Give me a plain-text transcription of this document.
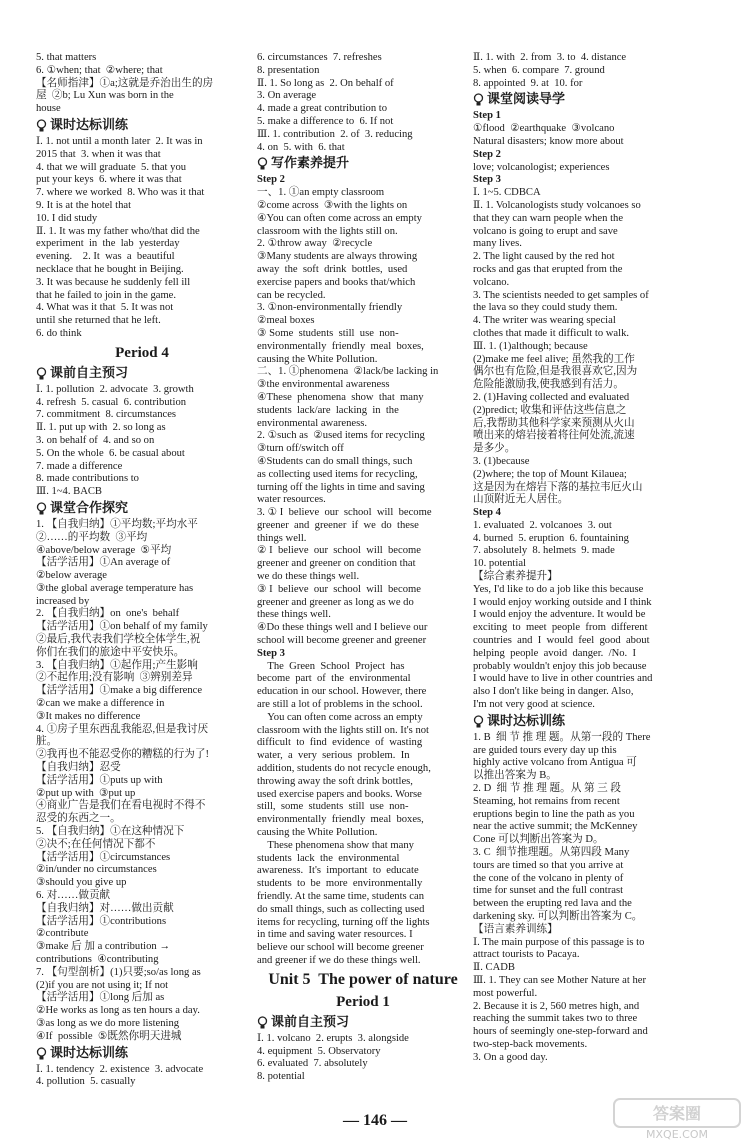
5. that matters
6. ①when; that  ②where; that
【名师指津】①a;这就是乔治出生的房
屋  ②b; Lu Xun was born in the
house
课时达标训练
Ⅰ. 1. not until a month later  2. It was in
2015 that  3. when it was that
4. that we will graduate  5. that you
put your keys  6. where it was that
7. where we worked  8. Who was it that
9. It is at the hotel that
10. I did study
Ⅱ. 1. It was my father who/that did the
experiment  in  the  lab  yesterday
evening.    2. It  was  a  beautiful
necklace that he bought in Beijing.
3. It was because he suddenly fell ill
that he failed to join in the game.
4. What was it that  5. It was not
until she returned that he left.
6. do think
Period 4
课前自主预习
Ⅰ. 1. pollution  2. advocate  3. growth
4. refresh  5. casual  6. contribution
7. commitment  8. circumstances
Ⅱ. 1. put up with  2. so long as
3. on behalf of  4. and so on
5. On the whole  6. be casual about
7. made a difference
8. made contributions to
Ⅲ. 1~4. BACB
课堂合作探究
1. 【自我归纳】①平均数;平均水平
②……的平均数  ③平均
④above/below average  ⑤平均
【活学活用】①An average of
②below average
③the global average temperature has
increased by
2. 【自我归纳】on  one's  behalf
【活学活用】①on behalf of my family
②最后,我代表我们学校全体学生,祝
你们在我们的旅途中平安快乐。
3. 【自我归纳】①起作用;产生影响
②不起作用;没有影响  ③辨别差异
【活学活用】①make a big difference
②can we make a difference in
③It makes no difference
4. ①房子里东西乱我能忍,但是我讨厌
脏。
②我再也不能忍受你的糟糕的行为了!
【自我归纳】忍受
【活学活用】①puts up with
②put up with  ③put up
④商业广告是我们在看电视时不得不
忍受的东西之一。
5. 【自我归纳】①在这种情况下
②决不;在任何情况下都不
【活学活用】①circumstances
②in/under no circumstances
③should you give up
6. 对……做贡献
【自我归纳】对……做出贡献
【活学活用】①contributions
②contribute
③make 后 加 a contribution →
contributions  ④contributing
7. 【句型剖析】(1)只要;so/as long as
(2)if you are not using it; If not
【活学活用】①long 后加 as
②He works as long as ten hours a day.
③as long as we do more listening
④If  possible  ⑤既然你明天进城
课时达标训练
Ⅰ. 1. tendency  2. existence  3. advocate
4. pollution  5. casually
6. circumstances  7. refreshes
8. presentation
Ⅱ. 1. So long as  2. On behalf of
3. On average
4. made a great contribution to
5. make a difference to  6. If not
Ⅲ. 1. contribution  2. of  3. reducing
4. on  5. with  6. that
写作素养提升
Step 2
一、1. ①an empty classroom
②come across  ③with the lights on
④You can often come across an empty
classroom with the lights still on.
2. ①throw away  ②recycle
③Many students are always throwing
away  the  soft  drink  bottles,  used
exercise papers and books that/which
can be recycled.
3. ①non-environmentally friendly
②meal boxes
③ Some  students  still  use  non-
environmentally  friendly  meal  boxes,
causing the White Pollution.
二、1. ①phenomena  ②lack/be lacking in
③the environmental awareness
④These  phenomena  show  that  many
students  lack/are  lacking  in  the
environmental awareness.
2. ①such as  ②used items for recycling
③turn off/switch off
④Students can do small things, such
as collecting used items for recycling,
turning off the lights in time and saving
water resources.
3. ① I  believe  our  school  will  become
greener  and  greener  if  we  do  these
things well.
② I  believe  our  school  will  become
greener and greener on condition that
we do these things well.
③ I  believe  our  school  will  become
greener and greener as long as we do
these things well.
④Do these things well and I believe our
school will become greener and greener
Step 3
The  Green  School  Project  has
become  part  of  the  environmental
education in our school. However, there
are still a lot of problems in the school.
You can often come across an empty
classroom with the lights still on. It's not
difficult  to  find  evidence  of  wasting
water,  a  very  serious  problem.  In
addition, students do not recycle enough,
throwing away the soft drink bottles,
used exercise papers and books. Worse
still,  some  students  still  use  non-
environmentally  friendly  meal  boxes,
causing the White Pollution.
These phenomena show that many
students  lack  the  environmental
awareness.  It's  important  to  educate
students  to  be  more  environmentally
friendly. At the same time, students can
do small things, such as collecting used
items for recycling, turning off the lights
in time and saving water resources. I
believe our school will become greener
and greener if we do these things well.
Unit 5  The power of nature
Period 1
课前自主预习
Ⅰ. 1. volcano  2. erupts  3. alongside
4. equipment  5. Observatory
6. evaluated  7. absolutely
8. potential
Ⅱ. 1. with  2. from  3. to  4. distance
5. when  6. compare  7. ground
8. appointed  9. at  10. for
课堂阅读导学
Step 1
①flood  ②earthquake  ③volcano
Natural disasters; know more about
Step 2
love; volcanologist; experiences
Step 3
Ⅰ. 1~5. CDBCA
Ⅱ. 1. Volcanologists study volcanoes so
that they can warn people when the
volcano is going to erupt and save
many lives.
2. The light caused by the red hot
rocks and gas that erupted from the
volcano.
3. The scientists needed to get samples of
the lava so they could study them.
4. The writer was wearing special
clothes that made it difficult to walk.
Ⅲ. 1. (1)although; because
(2)make me feel alive; 虽然我的工作
偶尔也有危险,但是我很喜欢它,因为
危险能激励我,使我感到有活力。
2. (1)Having collected and evaluated
(2)predict; 收集和评估这些信息之
后,我帮助其他科学家来预测从火山
喷出来的熔岩接着将往何处流,流速
是多少。
3. (1)because
(2)where; the top of Mount Kilauea;
这是因为在熔岩下落的基拉韦厄火山
山顶附近无人居住。
Step 4
1. evaluated  2. volcanoes  3. out
4. burned  5. eruption  6. fountaining
7. absolutely  8. helmets  9. made
10. potential
【综合素养提升】
Yes, I'd like to do a job like this because
I would enjoy working outside and I think
I would enjoy the adventure. It would be
exciting  to  meet  people  from  different
countries  and  I  would  feel  good  about
helping  people  avoid  danger.  /No.  I
probably wouldn't enjoy this job because
I would have to live in other countries and
also I don't like being in danger. Also,
I'm not very good at science.
课时达标训练
1. B  细 节 推 理 题。从第一段的 There
are guided tours every day up this
highly active volcano from Antigua 可
以推出答案为 B。
2. D  细 节 推 理 题。从 第 三 段
Steaming, hot remains from recent
eruptions begin to line the path as you
near the active summit; the McKenney
Cone 可以判断出答案为 D。
3. C  细节推理题。从第四段 Many
tours are timed so that you arrive at
the cone of the volcano in plenty of
time for sunset and the full contrast
between the erupting red lava and the
darkening sky. 可以判断出答案为 C。
【语言素养训练】
Ⅰ. The main purpose of this passage is to
attract tourists to Pacaya.
Ⅱ. CADB
Ⅲ. 1. They can see Mother Nature at her
most powerful.
2. Because it is 2, 560 metres high, and
reaching the summit takes two to three
hours of seemingly one-step-forward and
two-step-back movements.
3. On a good day.
— 146 —	答案圈
MXQE.COM
